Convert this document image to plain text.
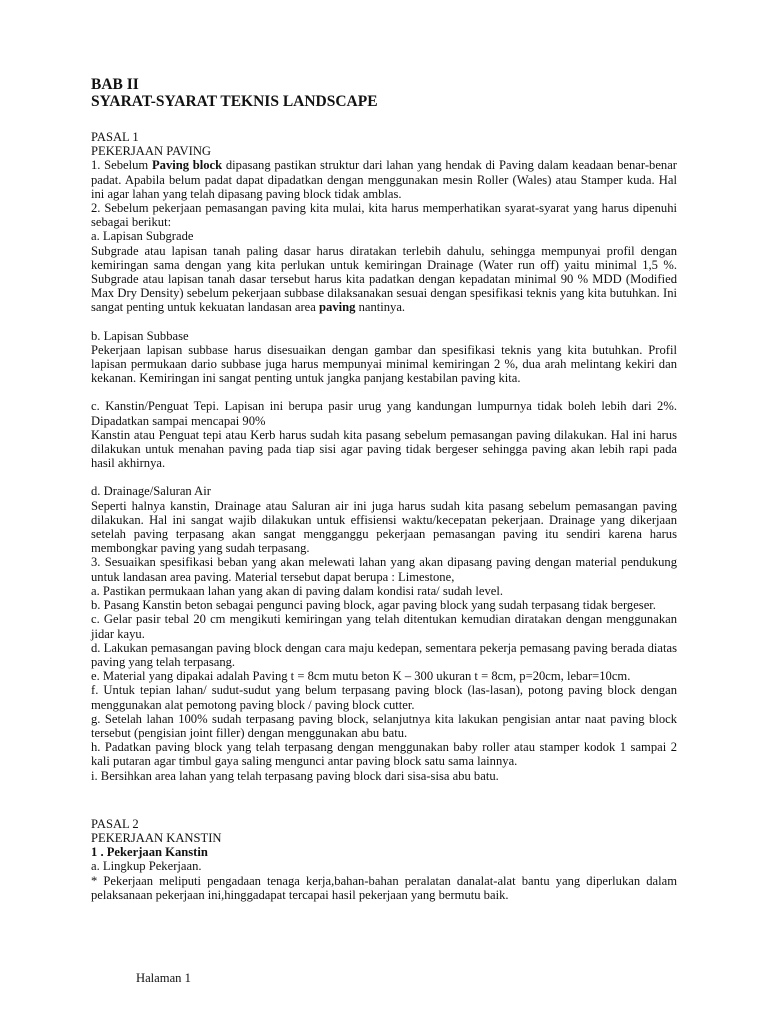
BAB II

SYARAT-SYARAT TEKNIS LANDSCAPE

PASAL 1

PEKERJAAN PAVING

1. Sebelum Paving block dipasang pastikan struktur dari lahan yang hendak di Paving dalam keadaan benar-benar padat. Apabila belum padat dapat dipadatkan dengan menggunakan mesin Roller (Wales) atau Stamper kuda. Hal ini agar lahan yang telah dipasang paving block tidak amblas.

2. Sebelum pekerjaan pemasangan paving kita mulai, kita harus memperhatikan syarat-syarat yang harus dipenuhi sebagai berikut:

a. Lapisan Subgrade

Subgrade atau lapisan tanah paling dasar harus diratakan terlebih dahulu, sehingga mempunyai profil dengan kemiringan sama dengan yang kita perlukan untuk kemiringan Drainage (Water run off) yaitu minimal 1,5 %. Subgrade atau lapisan tanah dasar tersebut harus kita padatkan dengan kepadatan minimal 90 % MDD (Modified Max Dry Density) sebelum pekerjaan subbase dilaksanakan sesuai dengan spesifikasi teknis yang kita butuhkan. Ini sangat penting untuk kekuatan landasan area paving nantinya.

b. Lapisan Subbase

Pekerjaan lapisan subbase harus disesuaikan dengan gambar dan spesifikasi teknis yang kita butuhkan. Profil lapisan permukaan dario subbase juga harus mempunyai minimal kemiringan 2 %, dua arah melintang kekiri dan kekanan. Kemiringan ini sangat penting untuk jangka panjang kestabilan paving kita.

c. Kanstin/Penguat Tepi. Lapisan ini berupa pasir urug yang kandungan lumpurnya tidak boleh lebih dari 2%. Dipadatkan sampai mencapai 90%

Kanstin atau Penguat tepi atau Kerb harus sudah kita pasang sebelum pemasangan paving dilakukan. Hal ini harus dilakukan untuk menahan paving pada tiap sisi agar paving tidak bergeser sehingga paving akan lebih rapi pada hasil akhirnya.

d. Drainage/Saluran Air

Seperti halnya kanstin, Drainage atau Saluran air ini juga harus sudah kita pasang sebelum pemasangan paving dilakukan. Hal ini sangat wajib dilakukan untuk effisiensi waktu/kecepatan pekerjaan. Drainage yang dikerjaan setelah paving terpasang akan sangat mengganggu pekerjaan pemasangan paving itu sendiri karena harus membongkar paving yang sudah terpasang.

3. Sesuaikan spesifikasi beban yang akan melewati lahan yang akan dipasang paving dengan material pendukung untuk landasan area paving. Material tersebut dapat berupa : Limestone,

a. Pastikan permukaan lahan yang akan di paving dalam kondisi rata/ sudah level.

b. Pasang Kanstin beton sebagai pengunci paving block, agar paving block yang sudah terpasang tidak bergeser.

c. Gelar pasir tebal 20 cm mengikuti kemiringan yang telah ditentukan kemudian diratakan dengan menggunakan jidar kayu.

d. Lakukan pemasangan paving block dengan cara maju kedepan, sementara pekerja pemasang paving berada diatas paving yang telah terpasang.

e. Material yang dipakai adalah Paving t = 8cm mutu beton K – 300 ukuran t = 8cm, p=20cm, lebar=10cm.

f. Untuk tepian lahan/ sudut-sudut yang belum terpasang paving block (las-lasan), potong paving block dengan menggunakan alat pemotong paving block / paving block cutter.

g. Setelah lahan 100% sudah terpasang paving block, selanjutnya kita lakukan pengisian antar naat paving block tersebut (pengisian joint filler) dengan menggunakan abu batu.

h. Padatkan paving block yang telah terpasang dengan menggunakan baby roller atau stamper kodok 1 sampai 2 kali putaran agar timbul gaya saling mengunci antar paving block satu sama lainnya.

i. Bersihkan area lahan yang telah terpasang paving block dari sisa-sisa abu batu.

PASAL 2

PEKERJAAN KANSTIN

1 . Pekerjaan Kanstin

a. Lingkup Pekerjaan.

* Pekerjaan meliputi pengadaan tenaga kerja,bahan-bahan peralatan danalat-alat bantu yang diperlukan dalam pelaksanaan pekerjaan ini,hinggadapat tercapai hasil pekerjaan yang bermutu baik.

Halaman 1
